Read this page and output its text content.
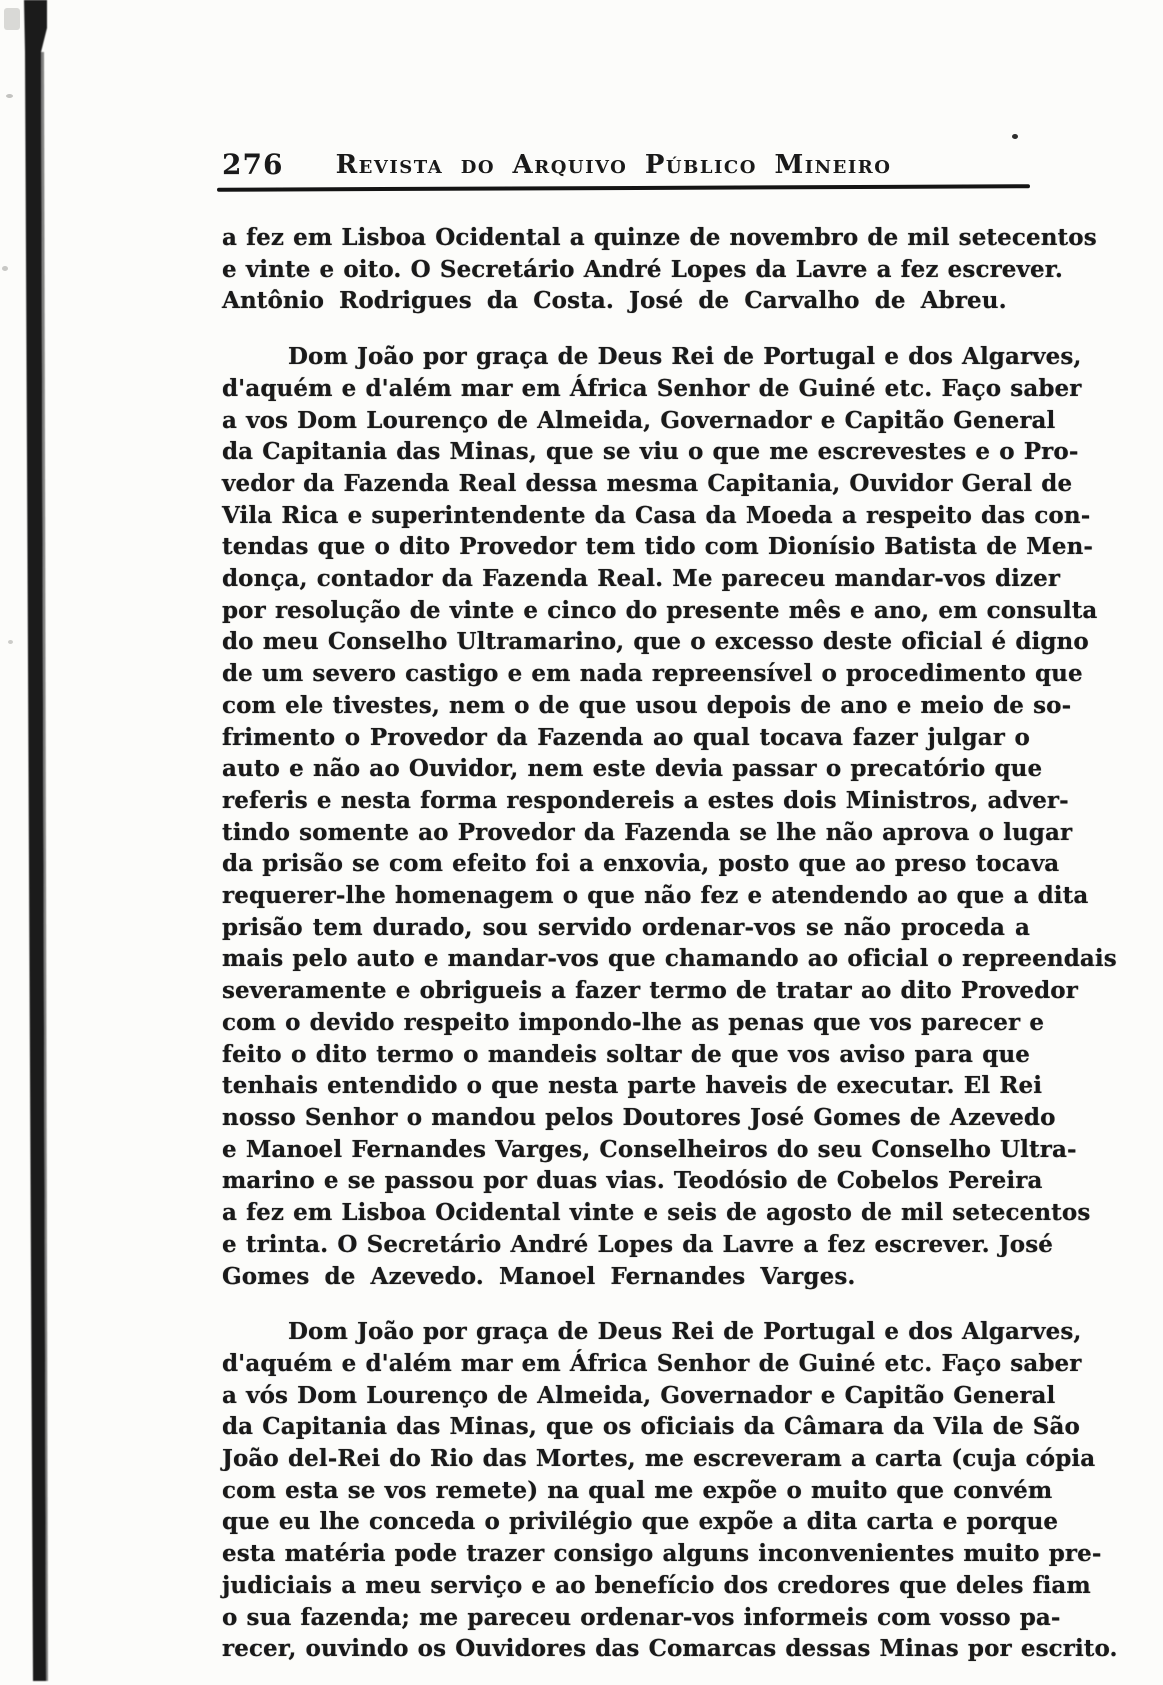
276	Revista do Arquivo Público Mineiro
a fez em Lisboa Ocidental a quinze de novembro de mil setecentos
e vinte e oito. O Secretário André Lopes da Lavre a fez escrever.
Antônio Rodrigues da Costa. José de Carvalho de Abreu.
Dom João por graça de Deus Rei de Portugal e dos Algarves,
d'aquém e d'além mar em África Senhor de Guiné etc. Faço saber
a vos Dom Lourenço de Almeida, Governador e Capitão General
da Capitania das Minas, que se viu o que me escrevestes e o Pro-
vedor da Fazenda Real dessa mesma Capitania, Ouvidor Geral de
Vila Rica e superintendente da Casa da Moeda a respeito das con-
tendas que o dito Provedor tem tido com Dionísio Batista de Men-
donça, contador da Fazenda Real. Me pareceu mandar-vos dizer
por resolução de vinte e cinco do presente mês e ano, em consulta
do meu Conselho Ultramarino, que o excesso deste oficial é digno
de um severo castigo e em nada repreensível o procedimento que
com ele tivestes, nem o de que usou depois de ano e meio de so-
frimento o Provedor da Fazenda ao qual tocava fazer julgar o
auto e não ao Ouvidor, nem este devia passar o precatório que
referis e nesta forma respondereis a estes dois Ministros, adver-
tindo somente ao Provedor da Fazenda se lhe não aprova o lugar
da prisão se com efeito foi a enxovia, posto que ao preso tocava
requerer-lhe homenagem o que não fez e atendendo ao que a dita
prisão tem durado, sou servido ordenar-vos se não proceda a
mais pelo auto e mandar-vos que chamando ao oficial o repreendais
severamente e obrigueis a fazer termo de tratar ao dito Provedor
com o devido respeito impondo-lhe as penas que vos parecer e
feito o dito termo o mandeis soltar de que vos aviso para que
tenhais entendido o que nesta parte haveis de executar. El Rei
nosso Senhor o mandou pelos Doutores José Gomes de Azevedo
e Manoel Fernandes Varges, Conselheiros do seu Conselho Ultra-
marino e se passou por duas vias. Teodósio de Cobelos Pereira
a fez em Lisboa Ocidental vinte e seis de agosto de mil setecentos
e trinta. O Secretário André Lopes da Lavre a fez escrever. José
Gomes de Azevedo. Manoel Fernandes Varges.
Dom João por graça de Deus Rei de Portugal e dos Algarves,
d'aquém e d'além mar em África Senhor de Guiné etc. Faço saber
a vós Dom Lourenço de Almeida, Governador e Capitão General
da Capitania das Minas, que os oficiais da Câmara da Vila de São
João del-Rei do Rio das Mortes, me escreveram a carta (cuja cópia
com esta se vos remete) na qual me expõe o muito que convém
que eu lhe conceda o privilégio que expõe a dita carta e porque
esta matéria pode trazer consigo alguns inconvenientes muito pre-
judiciais a meu serviço e ao benefício dos credores que deles fiam
o sua fazenda; me pareceu ordenar-vos informeis com vosso pa-
recer, ouvindo os Ouvidores das Comarcas dessas Minas por escrito.
